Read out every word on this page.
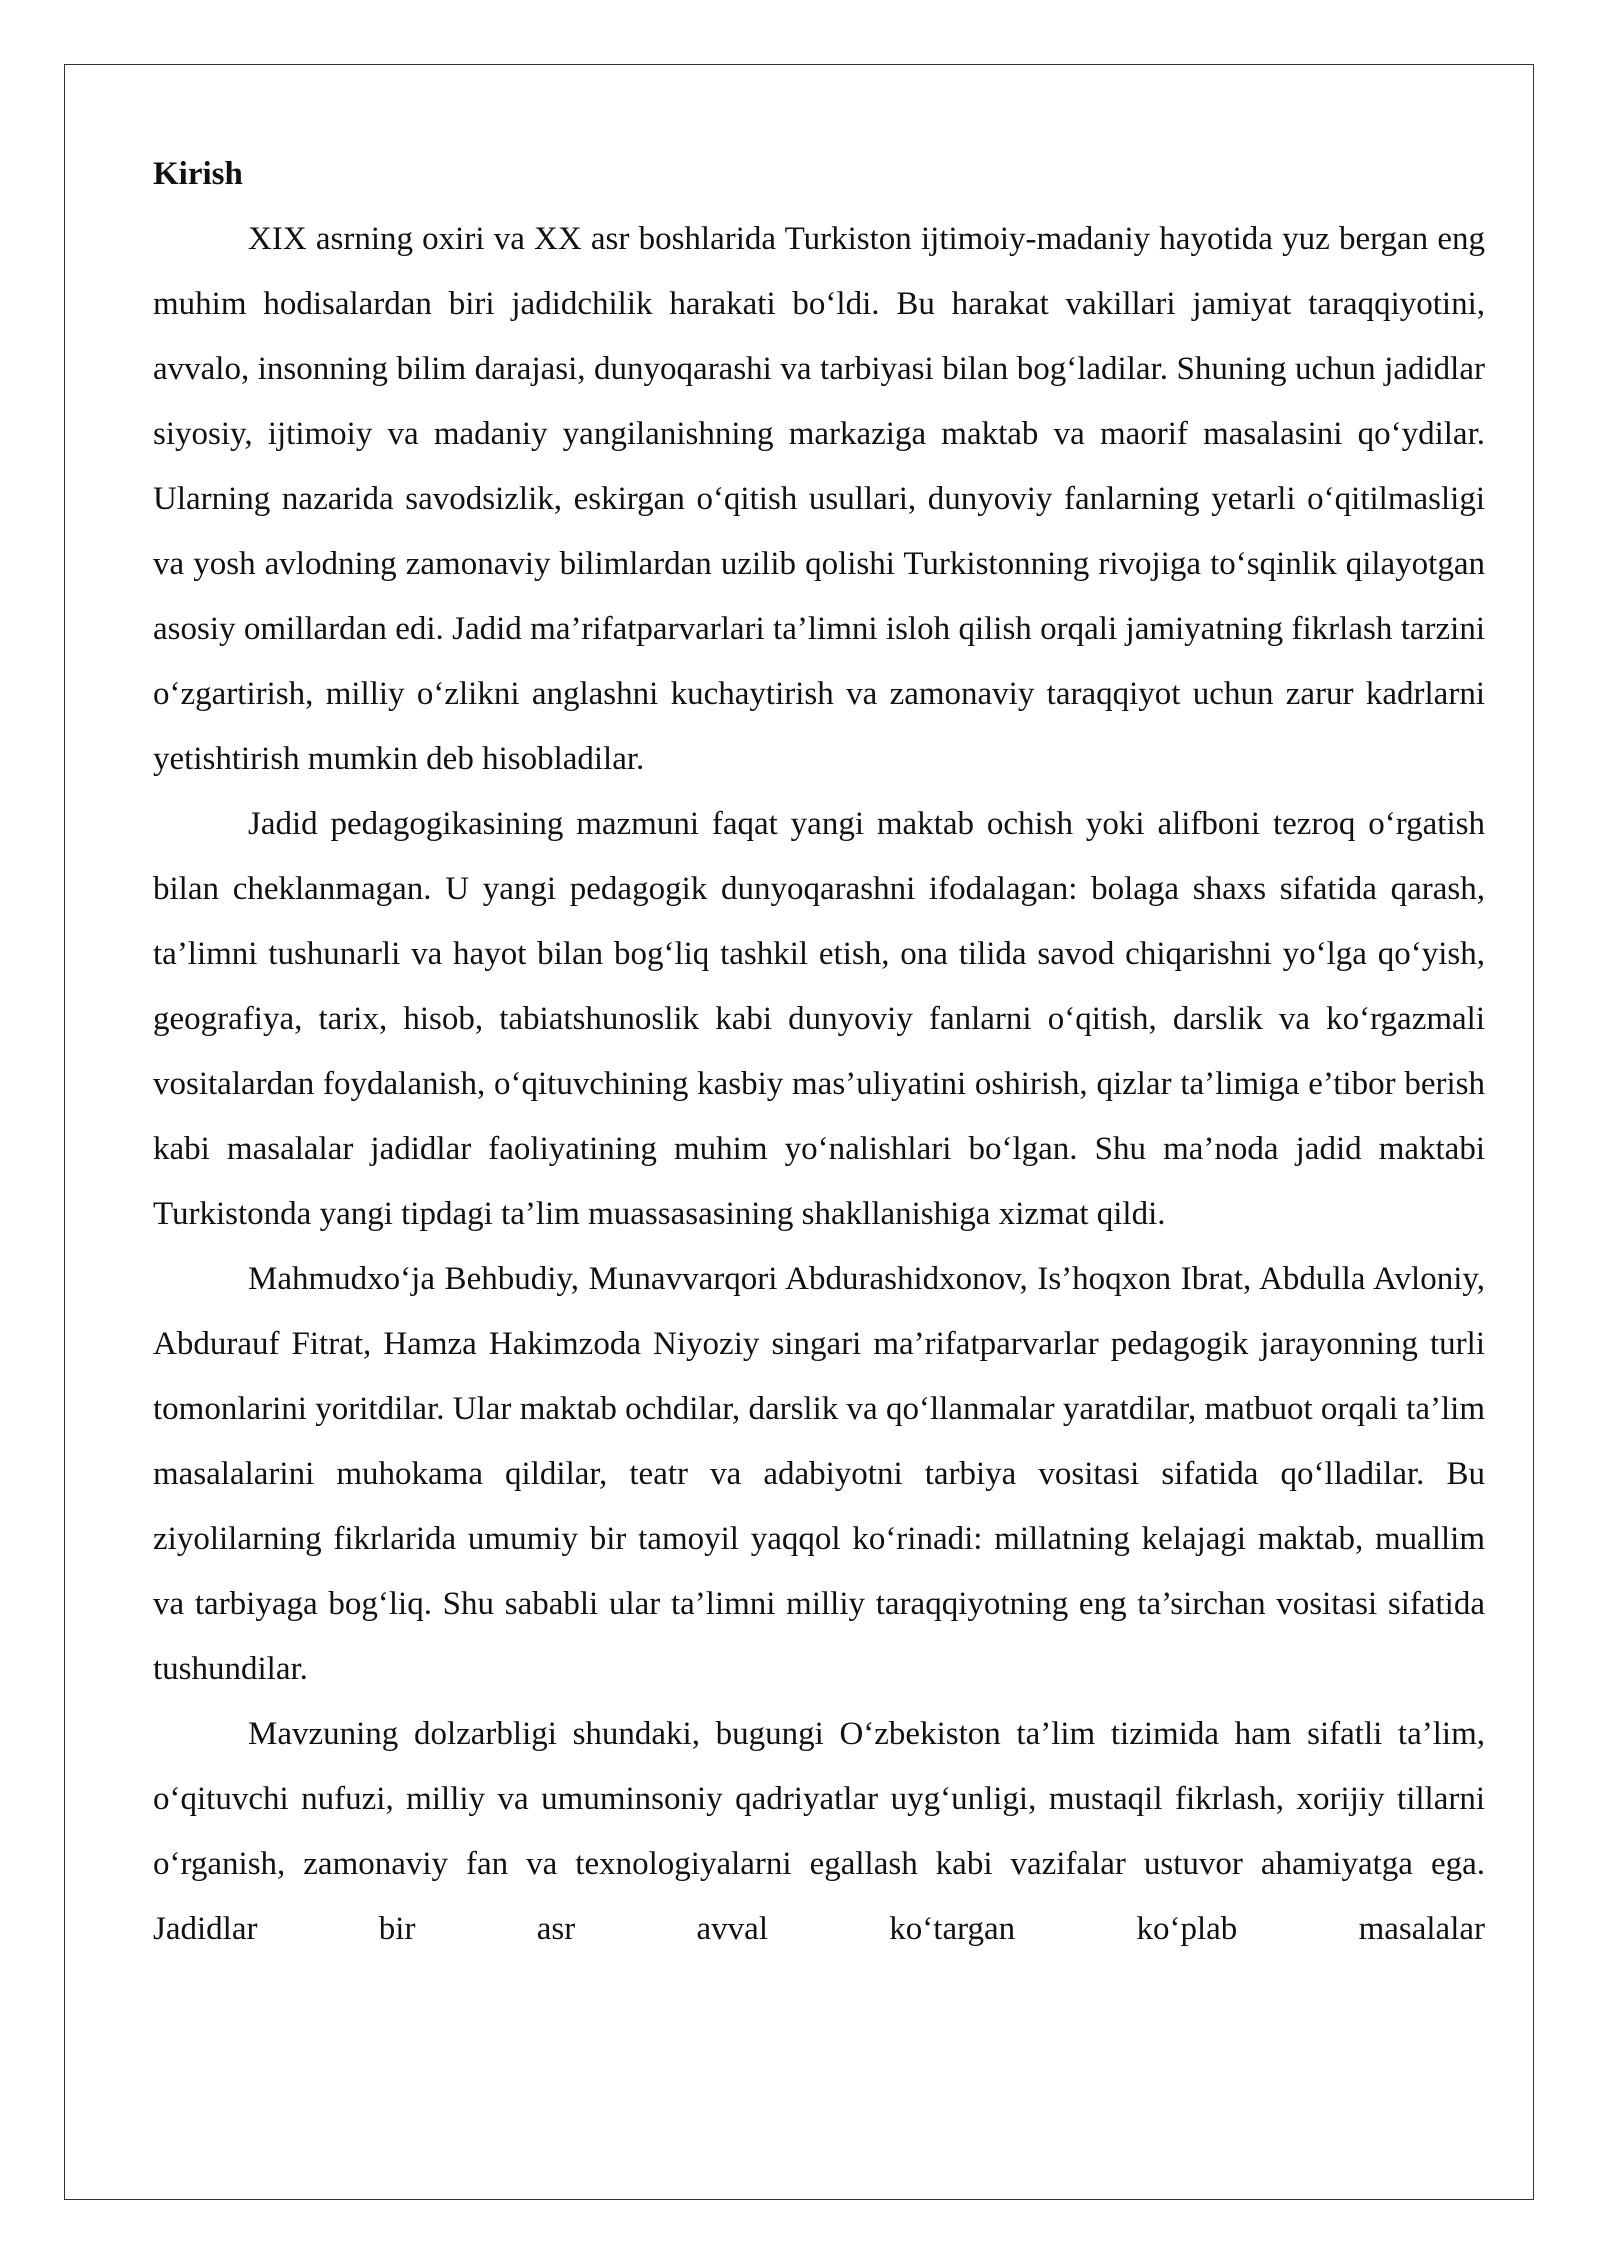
Kirish

XIX asrning oxiri va XX asr boshlarida Turkiston ijtimoiy-madaniy hayotida yuz bergan eng muhim hodisalardan biri jadidchilik harakati bo‘ldi. Bu harakat vakillari jamiyat taraqqiyotini, avvalo, insonning bilim darajasi, dunyoqarashi va tarbiyasi bilan bog‘ladilar. Shuning uchun jadidlar siyosiy, ijtimoiy va madaniy yangilanishning markaziga maktab va maorif masalasini qo‘ydilar. Ularning nazarida savodsizlik, eskirgan o‘qitish usullari, dunyoviy fanlarning yetarli o‘qitilmasligi va yosh avlodning zamonaviy bilimlardan uzilib qolishi Turkistonning rivojiga to‘sqinlik qilayotgan asosiy omillardan edi. Jadid ma’rifatparvarlari ta’limni isloh qilish orqali jamiyatning fikrlash tarzini o‘zgartirish, milliy o‘zlikni anglashni kuchaytirish va zamonaviy taraqqiyot uchun zarur kadrlarni yetishtirish mumkin deb hisobladilar.

Jadid pedagogikasining mazmuni faqat yangi maktab ochish yoki alifboni tezroq o‘rgatish bilan cheklanmagan. U yangi pedagogik dunyoqarashni ifodalagan: bolaga shaxs sifatida qarash, ta’limni tushunarli va hayot bilan bog‘liq tashkil etish, ona tilida savod chiqarishni yo‘lga qo‘yish, geografiya, tarix, hisob, tabiatshunoslik kabi dunyoviy fanlarni o‘qitish, darslik va ko‘rgazmali vositalardan foydalanish, o‘qituvchining kasbiy mas’uliyatini oshirish, qizlar ta’limiga e’tibor berish kabi masalalar jadidlar faoliyatining muhim yo‘nalishlari bo‘lgan. Shu ma’noda jadid maktabi Turkistonda yangi tipdagi ta’lim muassasasining shakllanishiga xizmat qildi.

Mahmudxo‘ja Behbudiy, Munavvarqori Abdurashidxonov, Is’hoqxon Ibrat, Abdulla Avloniy, Abdurauf Fitrat, Hamza Hakimzoda Niyoziy singari ma’rifatparvarlar pedagogik jarayonning turli tomonlarini yoritdilar. Ular maktab ochdilar, darslik va qo‘llanmalar yaratdilar, matbuot orqali ta’lim masalalarini muhokama qildilar, teatr va adabiyotni tarbiya vositasi sifatida qo‘lladilar. Bu ziyolilarning fikrlarida umumiy bir tamoyil yaqqol ko‘rinadi: millatning kelajagi maktab, muallim va tarbiyaga bog‘liq. Shu sababli ular ta’limni milliy taraqqiyotning eng ta’sirchan vositasi sifatida tushundilar.

Mavzuning dolzarbligi shundaki, bugungi O‘zbekiston ta’lim tizimida ham sifatli ta’lim, o‘qituvchi nufuzi, milliy va umuminsoniy qadriyatlar uyg‘unligi, mustaqil fikrlash, xorijiy tillarni o‘rganish, zamonaviy fan va texnologiyalarni egallash kabi vazifalar ustuvor ahamiyatga ega. Jadidlar bir asr avval ko‘targan ko‘plab masalalar
